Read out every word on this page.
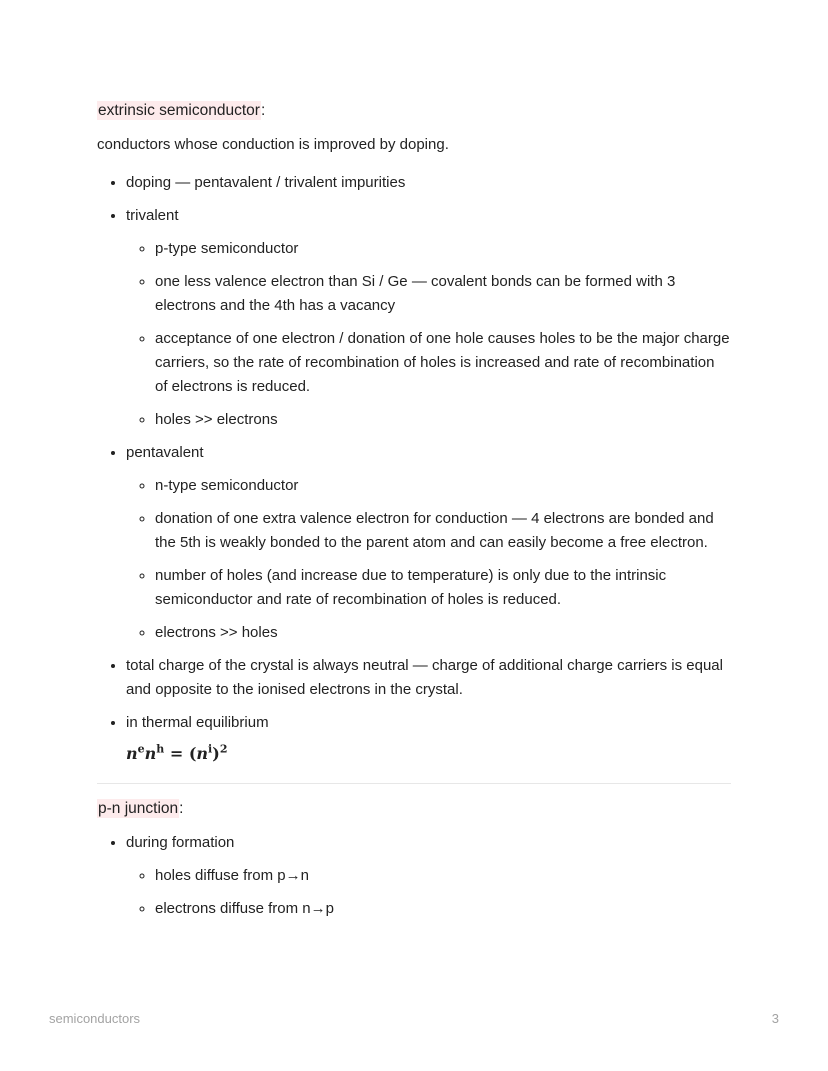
extrinsic semiconductor:

conductors whose conduction is improved by doping.

• doping — pentavalent / trivalent impurities
• trivalent
◦ p-type semiconductor
◦ one less valence electron than Si / Ge — covalent bonds can be formed with 3 electrons and the 4th has a vacancy
◦ acceptance of one electron / donation of one hole causes holes to be the major charge carriers, so the rate of recombination of holes is increased and rate of recombination of electrons is reduced.
◦ holes >> electrons
• pentavalent
◦ n-type semiconductor
◦ donation of one extra valence electron for conduction — 4 electrons are bonded and the 5th is weakly bonded to the parent atom and can easily become a free electron.
◦ number of holes (and increase due to temperature) is only due to the intrinsic semiconductor and rate of recombination of holes is reduced.
◦ electrons >> holes
• total charge of the crystal is always neutral — charge of additional charge carriers is equal and opposite to the ionised electrons in the crystal.
• in thermal equilibrium
$n^en^h = (n^i)^2$
p-n junction:
• during formation
◦ holes diffuse from p→n
◦ electrons diffuse from n→p
semiconductors	3
